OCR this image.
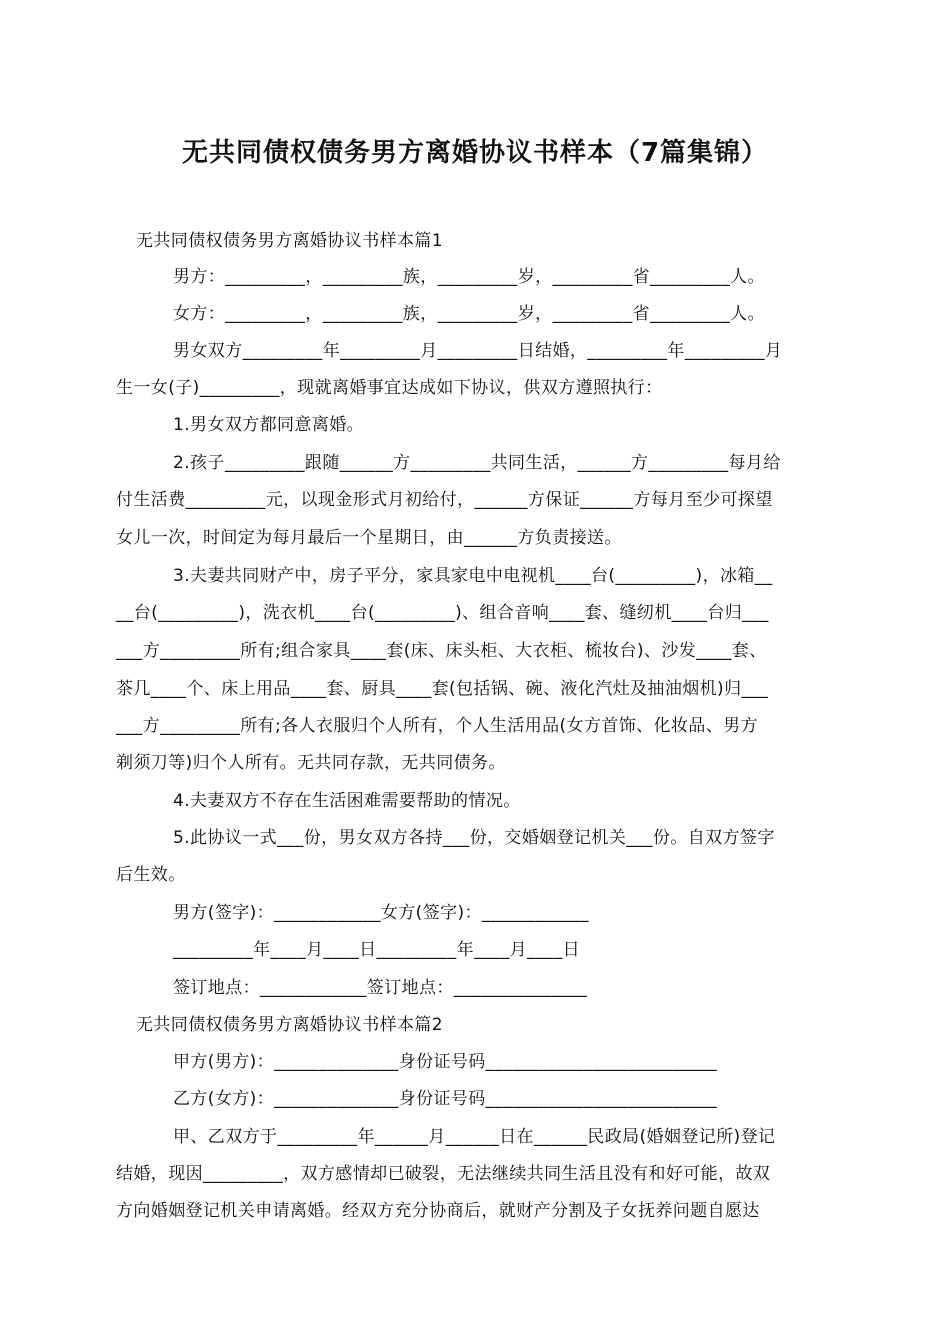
无共同债权债务男方离婚协议书样本（7篇集锦）
无共同债权债务男方离婚协议书样本篇1
男方：_________，_________族，_________岁，_________省_________人。
女方：_________，_________族，_________岁，_________省_________人。
男女双方_________年_________月_________日结婚，_________年_________月
生一女(子)_________，现就离婚事宜达成如下协议，供双方遵照执行：
1.男女双方都同意离婚。
2.孩子_________跟随______方_________共同生活，______方_________每月给
付生活费_________元，以现金形式月初给付，______方保证______方每月至少可探望
女儿一次，时间定为每月最后一个星期日，由______方负责接送。
3.夫妻共同财产中，房子平分，家具家电中电视机____台(_________)，冰箱__
__台(_________)，洗衣机____台(_________)、组合音响____套、缝纫机____台归___
___方_________所有;组合家具____套(床、床头柜、大衣柜、梳妆台)、沙发____套、
茶几____个、床上用品____套、厨具____套(包括锅、碗、液化汽灶及抽油烟机)归___
___方_________所有;各人衣服归个人所有，个人生活用品(女方首饰、化妆品、男方
剃须刀等)归个人所有。无共同存款，无共同债务。
4.夫妻双方不存在生活困难需要帮助的情况。
5.此协议一式___份，男女双方各持___份，交婚姻登记机关___份。自双方签字
后生效。
男方(签字)：____________女方(签字)：____________
_________年____月____日_________年____月____日
签订地点：____________签订地点：_______________
无共同债权债务男方离婚协议书样本篇2
甲方(男方)：______________身份证号码__________________________
乙方(女方)：______________身份证号码__________________________
甲、乙双方于_________年______月______日在______民政局(婚姻登记所)登记
结婚，现因_________，双方感情却已破裂，无法继续共同生活且没有和好可能，故双
方向婚姻登记机关申请离婚。经双方充分协商后，就财产分割及子女抚养问题自愿达
